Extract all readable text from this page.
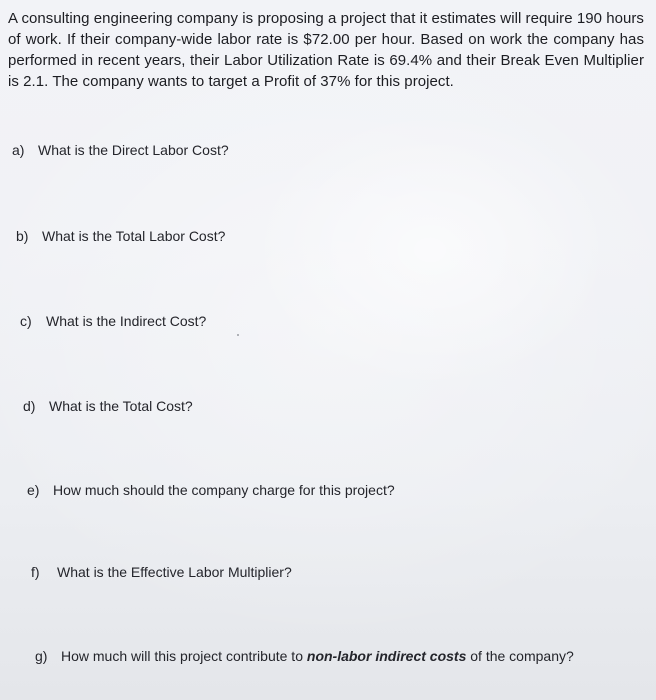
A consulting engineering company is proposing a project that it estimates will require 190 hours of work. If their company-wide labor rate is $72.00 per hour. Based on work the company has performed in recent years, their Labor Utilization Rate is 69.4% and their Break Even Multiplier is 2.1. The company wants to target a Profit of 37% for this project.

a) What is the Direct Labor Cost?

b) What is the Total Labor Cost?

c) What is the Indirect Cost?

d) What is the Total Cost?

e) How much should the company charge for this project?

f) What is the Effective Labor Multiplier?

g) How much will this project contribute to non-labor indirect costs of the company?
